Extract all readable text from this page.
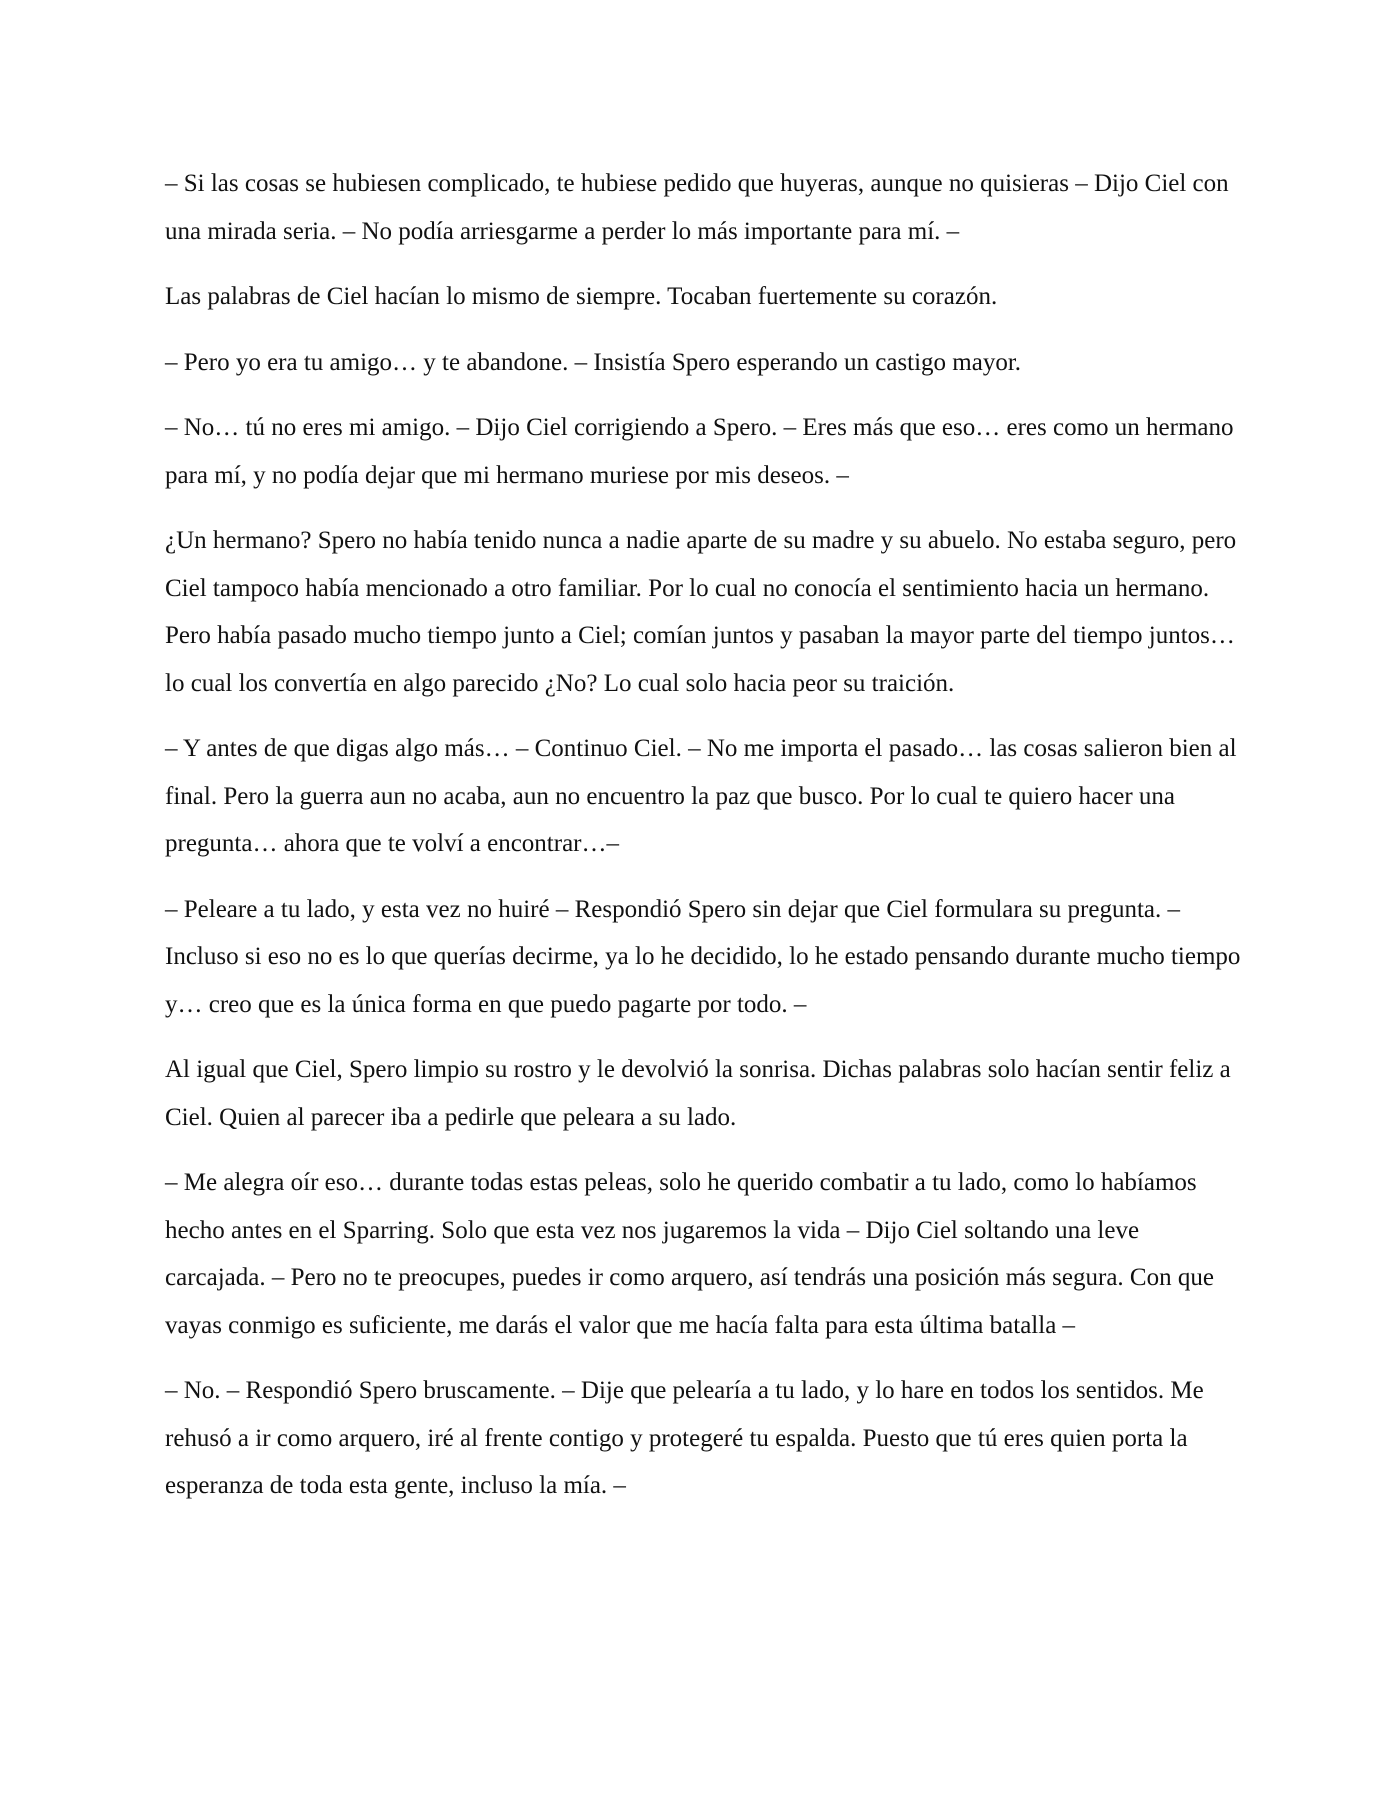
– Si las cosas se hubiesen complicado, te hubiese pedido que huyeras, aunque no quisieras – Dijo Ciel con una mirada seria. – No podía arriesgarme a perder lo más importante para mí. –

Las palabras de Ciel hacían lo mismo de siempre. Tocaban fuertemente su corazón.

– Pero yo era tu amigo… y te abandone. – Insistía Spero esperando un castigo mayor.

– No… tú no eres mi amigo. – Dijo Ciel corrigiendo a Spero. – Eres más que eso… eres como un hermano para mí, y no podía dejar que mi hermano muriese por mis deseos. –

¿Un hermano? Spero no había tenido nunca a nadie aparte de su madre y su abuelo. No estaba seguro, pero Ciel tampoco había mencionado a otro familiar. Por lo cual no conocía el sentimiento hacia un hermano. Pero había pasado mucho tiempo junto a Ciel; comían juntos y pasaban la mayor parte del tiempo juntos… lo cual los convertía en algo parecido ¿No? Lo cual solo hacia peor su traición.

– Y antes de que digas algo más… – Continuo Ciel. – No me importa el pasado… las cosas salieron bien al final. Pero la guerra aun no acaba, aun no encuentro la paz que busco. Por lo cual te quiero hacer una pregunta… ahora que te volví a encontrar…–

– Peleare a tu lado, y esta vez no huiré – Respondió Spero sin dejar que Ciel formulara su pregunta. – Incluso si eso no es lo que querías decirme, ya lo he decidido, lo he estado pensando durante mucho tiempo y… creo que es la única forma en que puedo pagarte por todo. –

Al igual que Ciel, Spero limpio su rostro y le devolvió la sonrisa. Dichas palabras solo hacían sentir feliz a Ciel. Quien al parecer iba a pedirle que peleara a su lado.

– Me alegra oír eso… durante todas estas peleas, solo he querido combatir a tu lado, como lo habíamos hecho antes en el Sparring. Solo que esta vez nos jugaremos la vida – Dijo Ciel soltando una leve carcajada. – Pero no te preocupes, puedes ir como arquero, así tendrás una posición más segura. Con que vayas conmigo es suficiente, me darás el valor que me hacía falta para esta última batalla –

– No. – Respondió Spero bruscamente. – Dije que pelearía a tu lado, y lo hare en todos los sentidos. Me rehusó a ir como arquero, iré al frente contigo y protegeré tu espalda. Puesto que tú eres quien porta la esperanza de toda esta gente, incluso la mía. –
